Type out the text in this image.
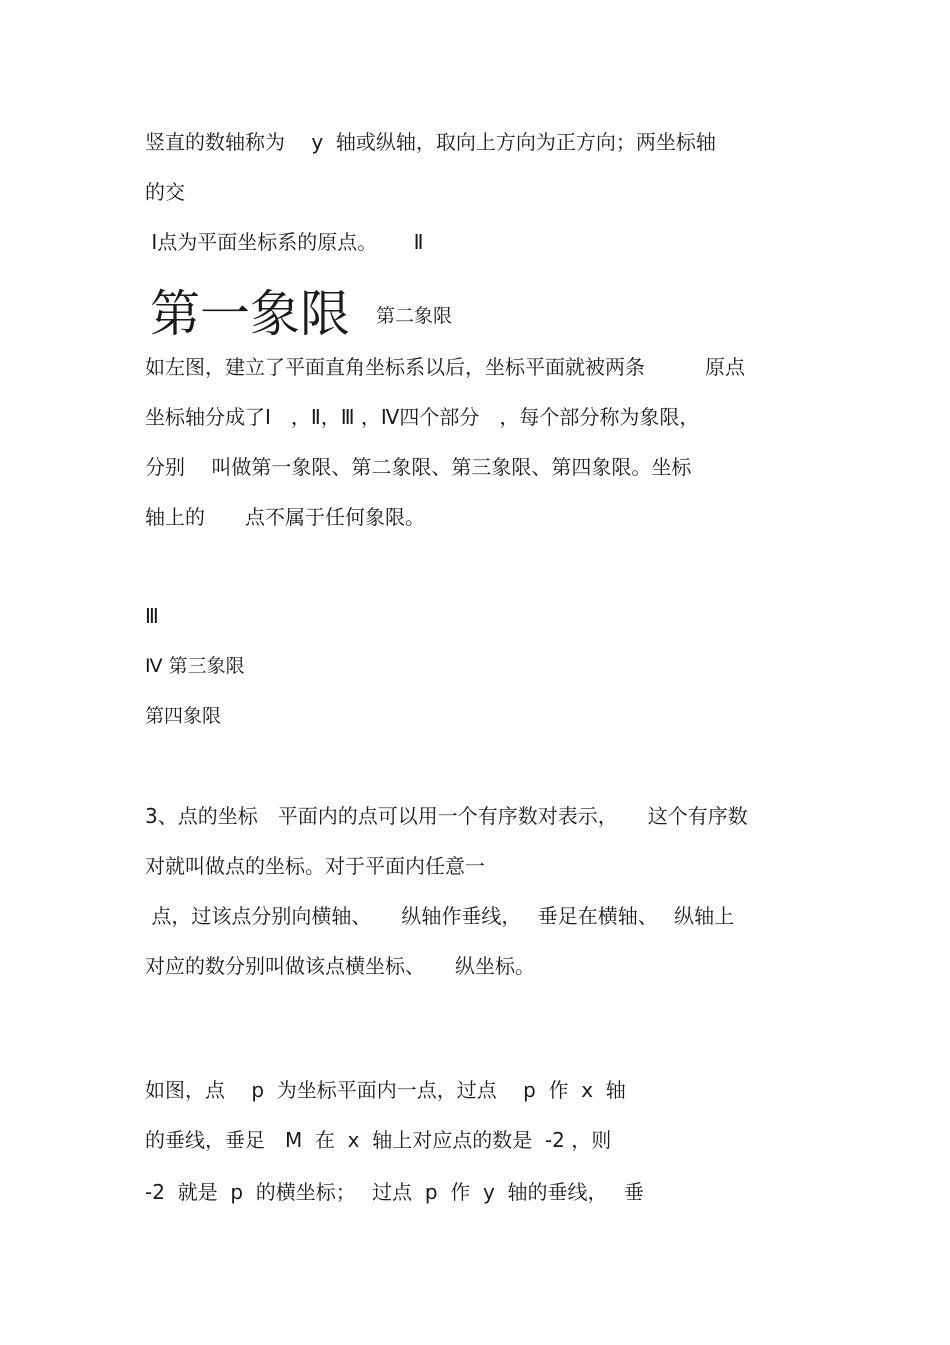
竖直的数轴称为　 y  轴或纵轴，取向上方向为正方向；两坐标轴
的交
Ⅰ点为平面坐标系的原点。　　 Ⅱ
第一象限 第二象限
如左图，建立了平面直角坐标系以后，坐标平面就被两条　　　原点
坐标轴分成了Ⅰ　，Ⅱ，Ⅲ ，Ⅳ四个部分　，每个部分称为象限，
分别　 叫做第一象限、第二象限、第三象限、第四象限。坐标
轴上的　　点不属于任何象限。
Ⅲ
Ⅳ 第三象限
第四象限
3、点的坐标　平面内的点可以用一个有序数对表示，　　这个有序数
对就叫做点的坐标。对于平面内任意一
点，过该点分别向横轴、　　纵轴作垂线，　 垂足在横轴、　 纵轴上
对应的数分别叫做该点横坐标、　　纵坐标。
如图，点　 p  为坐标平面内一点，过点　 p  作  x  轴
的垂线，垂足　M  在  x  轴上对应点的数是  -2 ，则
-2  就是  p  的横坐标；　 过点  p  作  y  轴的垂线，　 垂
